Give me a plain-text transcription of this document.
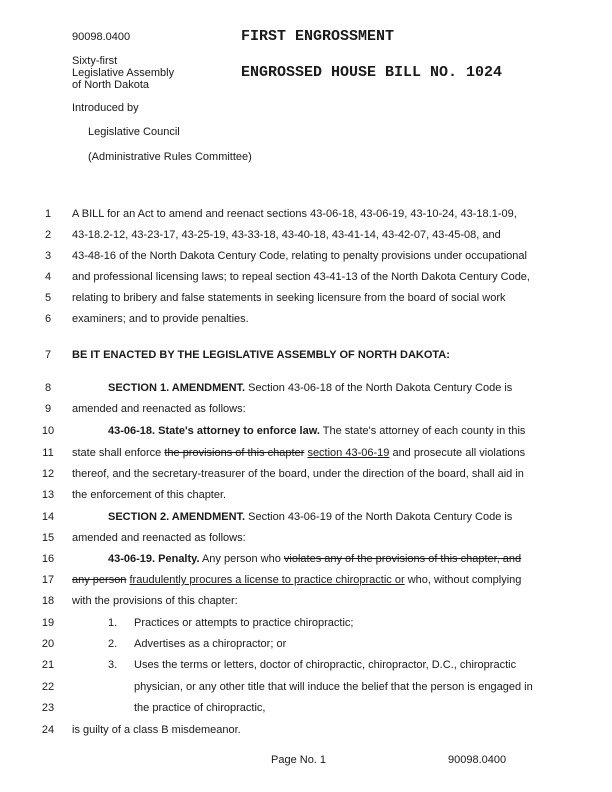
90098.0400	FIRST ENGROSSMENT
Sixty-first
Legislative Assembly
of North Dakota
ENGROSSED HOUSE BILL NO. 1024
Introduced by
Legislative Council
(Administrative Rules Committee)
1	A BILL for an Act to amend and reenact sections 43-06-18, 43-06-19, 43-10-24, 43-18.1-09,
2	43-18.2-12, 43-23-17, 43-25-19, 43-33-18, 43-40-18, 43-41-14, 43-42-07, 43-45-08, and
3	43-48-16 of the North Dakota Century Code, relating to penalty provisions under occupational
4	and professional licensing laws; to repeal section 43-41-13 of the North Dakota Century Code,
5	relating to bribery and false statements in seeking licensure from the board of social work
6	examiners; and to provide penalties.
7	BE IT ENACTED BY THE LEGISLATIVE ASSEMBLY OF NORTH DAKOTA:
8	SECTION 1. AMENDMENT. Section 43-06-18 of the North Dakota Century Code is
9	amended and reenacted as follows:
10	43-06-18. State's attorney to enforce law. The state's attorney of each county in this
11 state shall enforce the provisions of this chapter section 43-06-19 and prosecute all violations
12 thereof, and the secretary-treasurer of the board, under the direction of the board, shall aid in
13 the enforcement of this chapter.
14	SECTION 2. AMENDMENT. Section 43-06-19 of the North Dakota Century Code is
15 amended and reenacted as follows:
16	43-06-19. Penalty. Any person who violates any of the provisions of this chapter, and
17 any person fraudulently procures a license to practice chiropractic or who, without complying
18 with the provisions of this chapter:
19	1. Practices or attempts to practice chiropractic;
20	2. Advertises as a chiropractor; or
21	3. Uses the terms or letters, doctor of chiropractic, chiropractor, D.C., chiropractic
22	physician, or any other title that will induce the belief that the person is engaged in
23	the practice of chiropractic,
24 is guilty of a class B misdemeanor.
Page No. 1	90098.0400
